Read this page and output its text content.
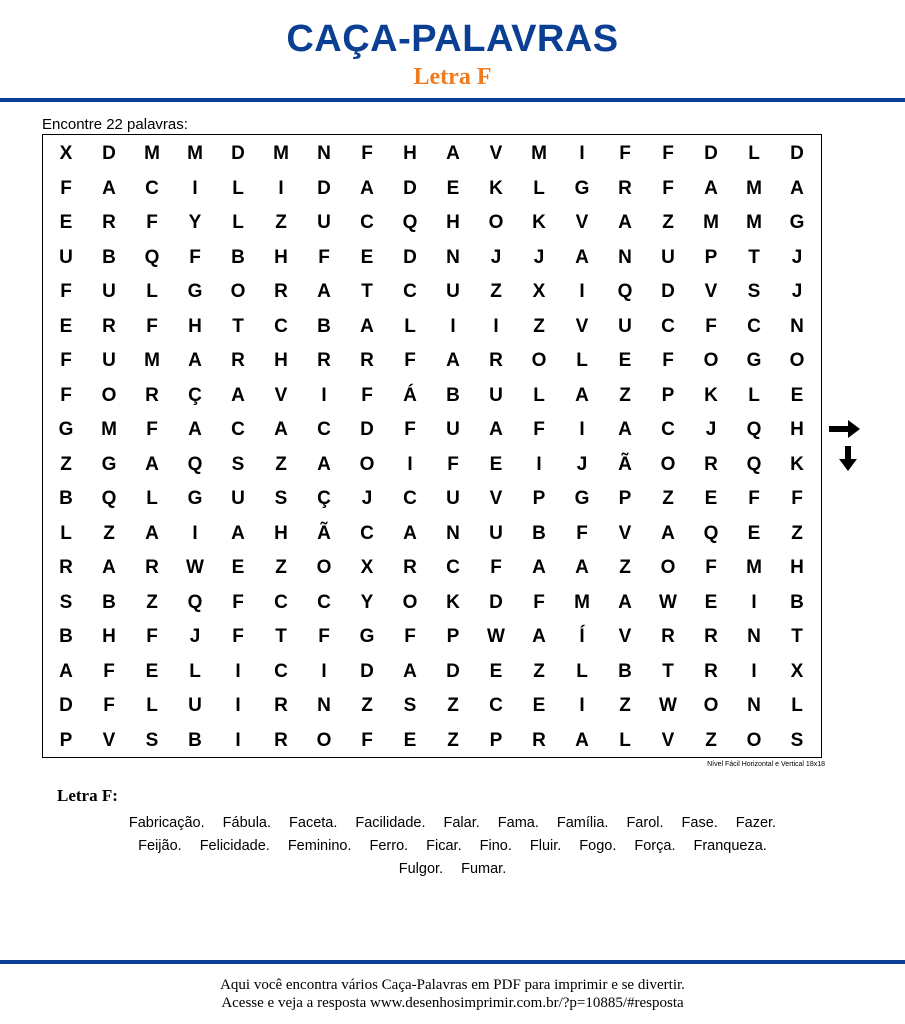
CAÇA-PALAVRAS
Letra F
Encontre 22 palavras:
X	D	M	M	D	M	N	F	H	A	V	M	I	F	F	D	L	D
F	A	C	I	L	I	D	A	D	E	K	L	G	R	F	A	M	A
E	R	F	Y	L	Z	U	C	Q	H	O	K	V	A	Z	M	M	G
U	B	Q	F	B	H	F	E	D	N	J	J	A	N	U	P	T	J
F	U	L	G	O	R	A	T	C	U	Z	X	I	Q	D	V	S	J
E	R	F	H	T	C	B	A	L	I	I	Z	V	U	C	F	C	N
F	U	M	A	R	H	R	R	F	A	R	O	L	E	F	O	G	O
F	O	R	Ç	A	V	I	F	Á	B	U	L	A	Z	P	K	L	E
G	M	F	A	C	A	C	D	F	U	A	F	I	A	C	J	Q	H
Z	G	A	Q	S	Z	A	O	I	F	E	I	J	Ã	O	R	Q	K
B	Q	L	G	U	S	Ç	J	C	U	V	P	G	P	Z	E	F	F
L	Z	A	I	A	H	Ã	C	A	N	U	B	F	V	A	Q	E	Z
R	A	R	W	E	Z	O	X	R	C	F	A	A	Z	O	F	M	H
S	B	Z	Q	F	C	C	Y	O	K	D	F	M	A	W	E	I	B
B	H	F	J	F	T	F	G	F	P	W	A	Í	V	R	R	N	T
A	F	E	L	I	C	I	D	A	D	E	Z	L	B	T	R	I	X
D	F	L	U	I	R	N	Z	S	Z	C	E	I	Z	W	O	N	L
P	V	S	B	I	R	O	F	E	Z	P	R	A	L	V	Z	O	S
Nível Fácil Horizontal e Vertical 18x18
Letra F:
Fabricação. Fábula. Faceta. Facilidade. Falar. Fama. Família. Farol. Fase. Fazer.
Feijão. Felicidade. Feminino. Ferro. Ficar. Fino. Fluir. Fogo. Força. Franqueza.
Fulgor. Fumar.
Aqui você encontra vários Caça-Palavras em PDF para imprimir e se divertir.
Acesse e veja a resposta www.desenhosimprimir.com.br/?p=10885/#resposta
